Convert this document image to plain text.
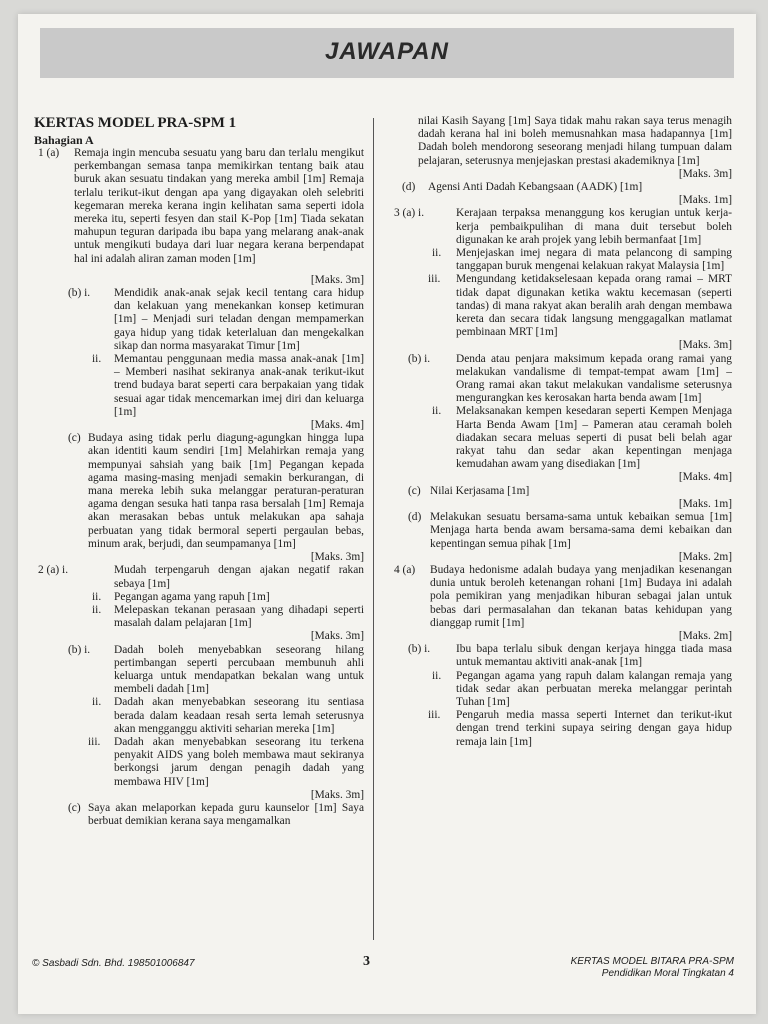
JAWAPAN
KERTAS MODEL PRA-SPM 1
Bahagian A
1 (a)	Remaja ingin mencuba sesuatu yang baru dan terlalu mengikut perkembangan semasa tanpa memikirkan tentang baik atau buruk akan sesuatu tindakan yang mereka ambil [1m] Remaja terlalu terikut-ikut dengan apa yang digayakan oleh selebriti kegemaran mereka kerana ingin kelihatan sama seperti idola mereka itu, seperti fesyen dan stail K-Pop [1m] Tiada sekatan mahupun teguran daripada ibu bapa yang melarang anak-anak untuk mengikuti budaya dari luar negara kerana berpendapat hal ini adalah aliran zaman moden [1m]
[Maks. 3m]
(b) i.	Mendidik anak-anak sejak kecil tentang cara hidup dan kelakuan yang menekankan konsep ketimuran [1m] – Menjadi suri teladan dengan mempamerkan gaya hidup yang tidak keterlaluan dan mengekalkan sikap dan norma masyarakat Timur [1m]
ii.	Memantau penggunaan media massa anak-anak [1m] – Memberi nasihat sekiranya anak-anak terikut-ikut trend budaya barat seperti cara berpakaian yang tidak sesuai agar tidak mencemarkan imej diri dan keluarga [1m]
[Maks. 4m]
(c) Budaya asing tidak perlu diagung-agungkan hingga lupa akan identiti kaum sendiri [1m] Melahirkan remaja yang mempunyai sahsiah yang baik [1m] Pegangan kepada agama masing-masing menjadi semakin berkurangan, di mana mereka lebih suka melanggar peraturan-peraturan agama dengan sesuka hati tanpa rasa bersalah [1m] Remaja akan merasakan bebas untuk melakukan apa sahaja perbuatan yang tidak bermoral seperti pergaulan bebas, minum arak, berjudi, dan seumpamanya [1m]
[Maks. 3m]
2 (a) i.	Mudah terpengaruh dengan ajakan negatif rakan sebaya [1m]
ii.	Pegangan agama yang rapuh [1m]
ii.	Melepaskan tekanan perasaan yang dihadapi seperti masalah dalam pelajaran [1m]
[Maks. 3m]
(b) i.	Dadah boleh menyebabkan seseorang hilang pertimbangan seperti percubaan membunuh ahli keluarga untuk mendapatkan bekalan wang untuk membeli dadah [1m]
ii.	Dadah akan menyebabkan seseorang itu sentiasa berada dalam keadaan resah serta lemah seterusnya akan mengganggu aktiviti seharian mereka [1m]
iii.	Dadah akan menyebabkan seseorang itu terkena penyakit AIDS yang boleh membawa maut sekiranya berkongsi jarum dengan penagih dadah yang membawa HIV [1m]
[Maks. 3m]
(c) Saya akan melaporkan kepada guru kaunselor [1m] Saya berbuat demikian kerana saya mengamalkan
nilai Kasih Sayang [1m] Saya tidak mahu rakan saya terus menagih dadah kerana hal ini boleh memusnahkan masa hadapannya [1m] Dadah boleh mendorong seseorang menjadi hilang tumpuan dalam pelajaran, seterusnya menjejaskan prestasi akademiknya [1m]
[Maks. 3m]
(d)	Agensi Anti Dadah Kebangsaan (AADK) [1m]
[Maks. 1m]
3 (a) i.	Kerajaan terpaksa menanggung kos kerugian untuk kerja-kerja pembaikpulihan di mana duit tersebut boleh digunakan ke arah projek yang lebih bermanfaat [1m]
ii.	Menjejaskan imej negara di mata pelancong di samping tanggapan buruk mengenai kelakuan rakyat Malaysia [1m]
iii.	Mengundang ketidakselesaan kepada orang ramai – MRT tidak dapat digunakan ketika waktu kecemasan (seperti tandas) di mana rakyat akan beralih arah dengan membawa kereta dan secara tidak langsung menggagalkan matlamat pembinaan MRT [1m]
[Maks. 3m]
(b) i.	Denda atau penjara maksimum kepada orang ramai yang melakukan vandalisme di tempat-tempat awam [1m] – Orang ramai akan takut melakukan vandalisme seterusnya mengurangkan kes kerosakan harta benda awam [1m]
ii.	Melaksanakan kempen kesedaran seperti Kempen Menjaga Harta Benda Awam [1m] – Pameran atau ceramah boleh diadakan secara meluas seperti di pusat beli belah agar rakyat tahu dan sedar akan kepentingan menjaga kemudahan awam yang disediakan [1m]
[Maks. 4m]
(c) Nilai Kerjasama [1m]
[Maks. 1m]
(d) Melakukan sesuatu bersama-sama untuk kebaikan semua [1m] Menjaga harta benda awam bersama-sama demi kebaikan dan kepentingan semua pihak [1m]
[Maks. 2m]
4 (a)	Budaya hedonisme adalah budaya yang menjadikan kesenangan dunia untuk beroleh ketenangan rohani [1m] Budaya ini adalah pola pemikiran yang menjadikan hiburan sebagai jalan untuk bebas dari permasalahan dan tekanan batas kehidupan yang dianggap rumit [1m]
[Maks. 2m]
(b) i.	Ibu bapa terlalu sibuk dengan kerjaya hingga tiada masa untuk memantau aktiviti anak-anak [1m]
ii.	Pegangan agama yang rapuh dalam kalangan remaja yang tidak sedar akan perbuatan mereka melanggar perintah Tuhan [1m]
iii.	Pengaruh media massa seperti Internet dan terikut-ikut dengan trend terkini supaya seiring dengan gaya hidup remaja lain [1m]
© Sasbadi Sdn. Bhd. 198501006847	3	KERTAS MODEL BITARA PRA-SPM
Pendidikan Moral Tingkatan 4
